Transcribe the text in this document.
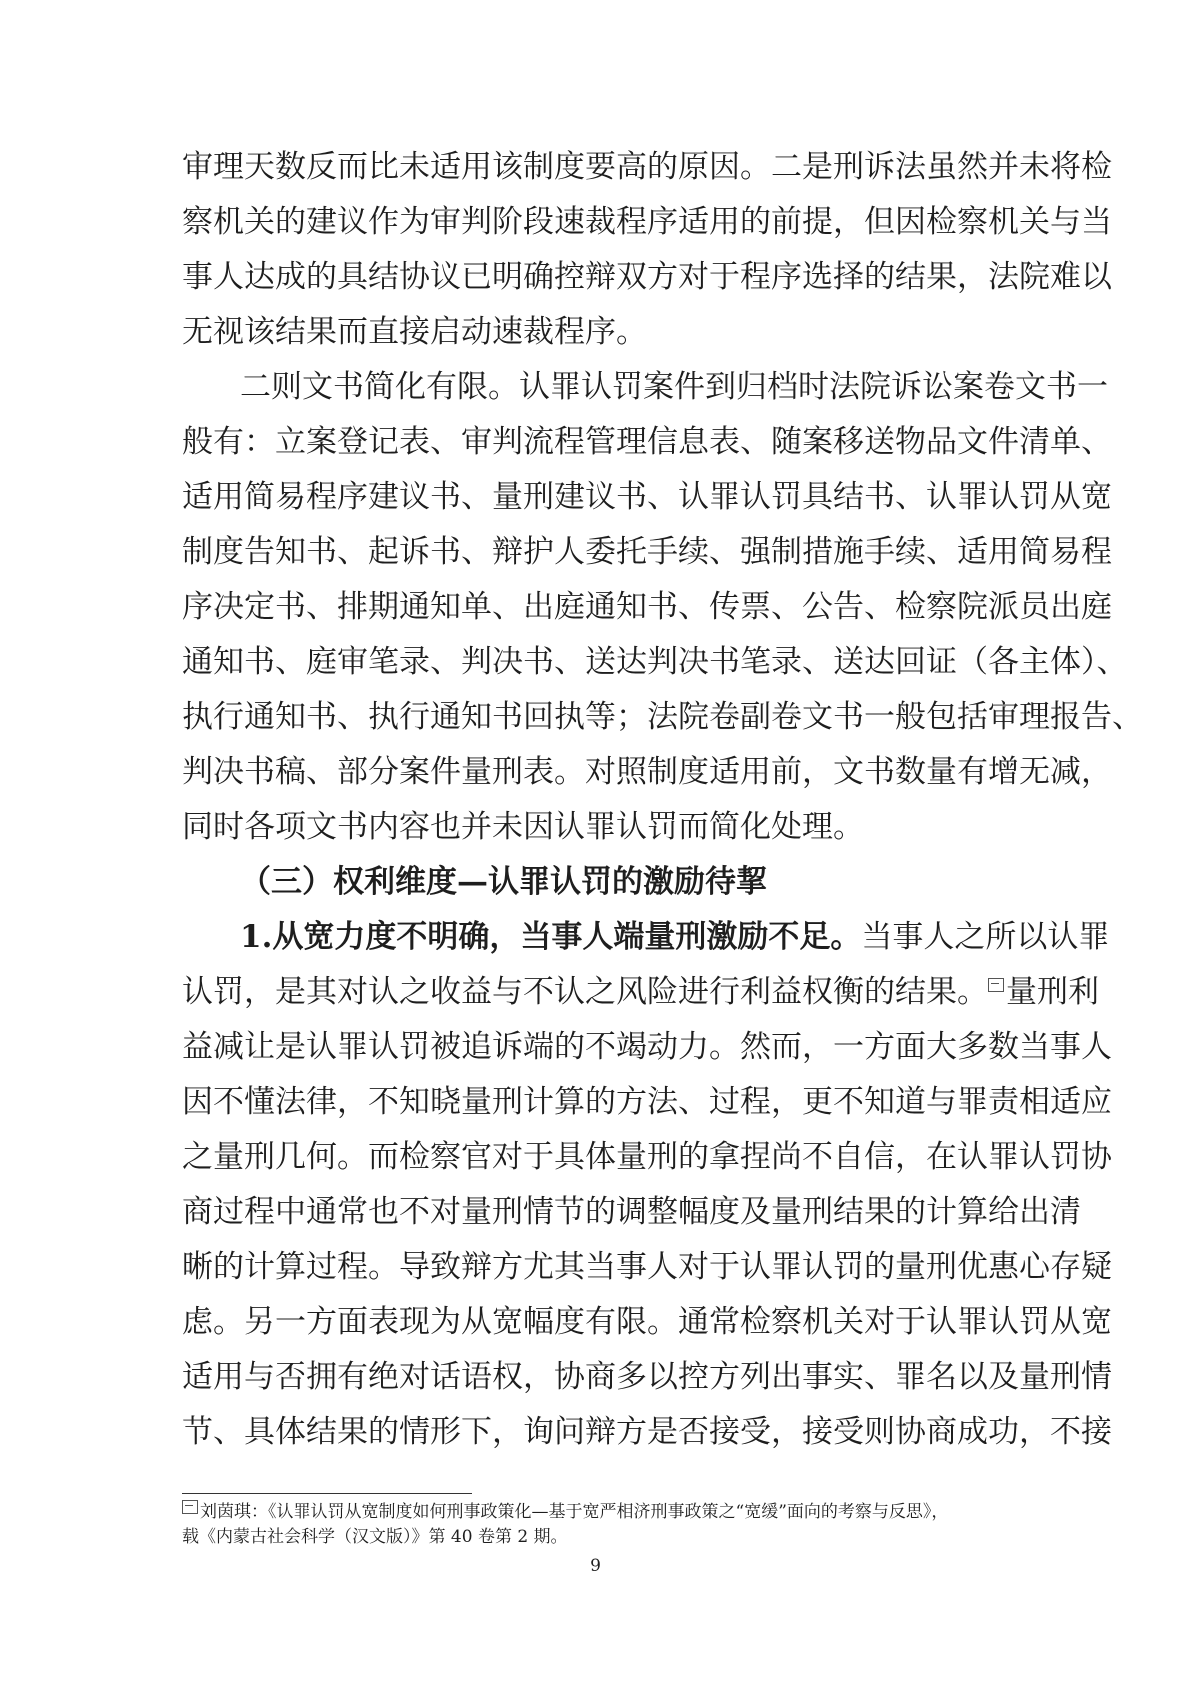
审理天数反而比未适用该制度要高的原因。二是刑诉法虽然并未将检
察机关的建议作为审判阶段速裁程序适用的前提，但因检察机关与当
事人达成的具结协议已明确控辩双方对于程序选择的结果，法院难以
无视该结果而直接启动速裁程序。
二则文书简化有限。认罪认罚案件到归档时法院诉讼案卷文书一
般有：立案登记表、审判流程管理信息表、随案移送物品文件清单、
适用简易程序建议书、量刑建议书、认罪认罚具结书、认罪认罚从宽
制度告知书、起诉书、辩护人委托手续、强制措施手续、适用简易程
序决定书、排期通知单、出庭通知书、传票、公告、检察院派员出庭
通知书、庭审笔录、判决书、送达判决书笔录、送达回证（各主体）、
执行通知书、执行通知书回执等；法院卷副卷文书一般包括审理报告、
判决书稿、部分案件量刑表。对照制度适用前，文书数量有增无减，
同时各项文书内容也并未因认罪认罚而简化处理。
（三）权利维度—认罪认罚的激励待挈
1.从宽力度不明确，当事人端量刑激励不足。当事人之所以认罪
认罚，是其对认之收益与不认之风险进行利益权衡的结果。 量刑利
益减让是认罪认罚被追诉端的不竭动力。然而，一方面大多数当事人
因不懂法律，不知晓量刑计算的方法、过程，更不知道与罪责相适应
之量刑几何。而检察官对于具体量刑的拿捏尚不自信，在认罪认罚协
商过程中通常也不对量刑情节的调整幅度及量刑结果的计算给出清
晰的计算过程。导致辩方尤其当事人对于认罪认罚的量刑优惠心存疑
虑。另一方面表现为从宽幅度有限。通常检察机关对于认罪认罚从宽
适用与否拥有绝对话语权，协商多以控方列出事实、罪名以及量刑情
节、具体结果的情形下，询问辩方是否接受，接受则协商成功，不接
刘茵琪：《认罪认罚从宽制度如何刑事政策化—基于宽严相济刑事政策之“宽缓”面向的考察与反思》，
载《内蒙古社会科学（汉文版）》第 40 卷第 2 期。
9
